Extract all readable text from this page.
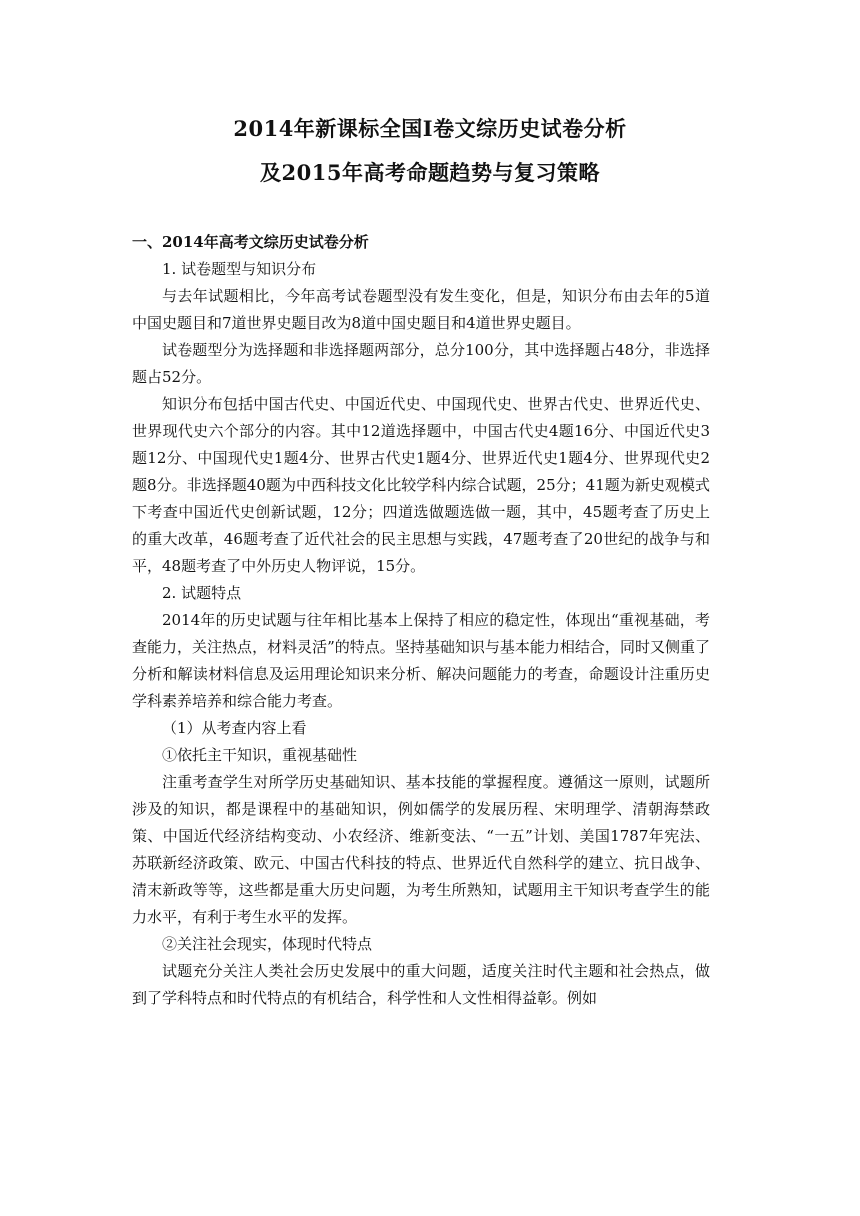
2014年新课标全国Ⅰ卷文综历史试卷分析
及2015年高考命题趋势与复习策略
一、2014年高考文综历史试卷分析

1. 试卷题型与知识分布

与去年试题相比，今年高考试卷题型没有发生变化，但是，知识分布由去年的5道中国史题目和7道世界史题目改为8道中国史题目和4道世界史题目。

试卷题型分为选择题和非选择题两部分，总分100分，其中选择题占48分，非选择题占52分。

知识分布包括中国古代史、中国近代史、中国现代史、世界古代史、世界近代史、世界现代史六个部分的内容。其中12道选择题中，中国古代史4题16分、中国近代史3题12分、中国现代史1题4分、世界古代史1题4分、世界近代史1题4分、世界现代史2题8分。非选择题40题为中西科技文化比较学科内综合试题，25分；41题为新史观模式下考查中国近代史创新试题，12分；四道选做题选做一题，其中，45题考查了历史上的重大改革，46题考查了近代社会的民主思想与实践，47题考查了20世纪的战争与和平，48题考查了中外历史人物评说，15分。

2. 试题特点

2014年的历史试题与往年相比基本上保持了相应的稳定性，体现出“重视基础，考查能力，关注热点，材料灵活”的特点。坚持基础知识与基本能力相结合，同时又侧重了分析和解读材料信息及运用理论知识来分析、解决问题能力的考查，命题设计注重历史学科素养培养和综合能力考查。

（1）从考查内容上看

①依托主干知识，重视基础性

注重考查学生对所学历史基础知识、基本技能的掌握程度。遵循这一原则，试题所涉及的知识，都是课程中的基础知识，例如儒学的发展历程、宋明理学、清朝海禁政策、中国近代经济结构变动、小农经济、维新变法、“一五”计划、美国1787年宪法、苏联新经济政策、欧元、中国古代科技的特点、世界近代自然科学的建立、抗日战争、清末新政等等，这些都是重大历史问题，为考生所熟知，试题用主干知识考查学生的能力水平，有利于考生水平的发挥。

②关注社会现实，体现时代特点

试题充分关注人类社会历史发展中的重大问题，适度关注时代主题和社会热点，做到了学科特点和时代特点的有机结合，科学性和人文性相得益彰。例如
